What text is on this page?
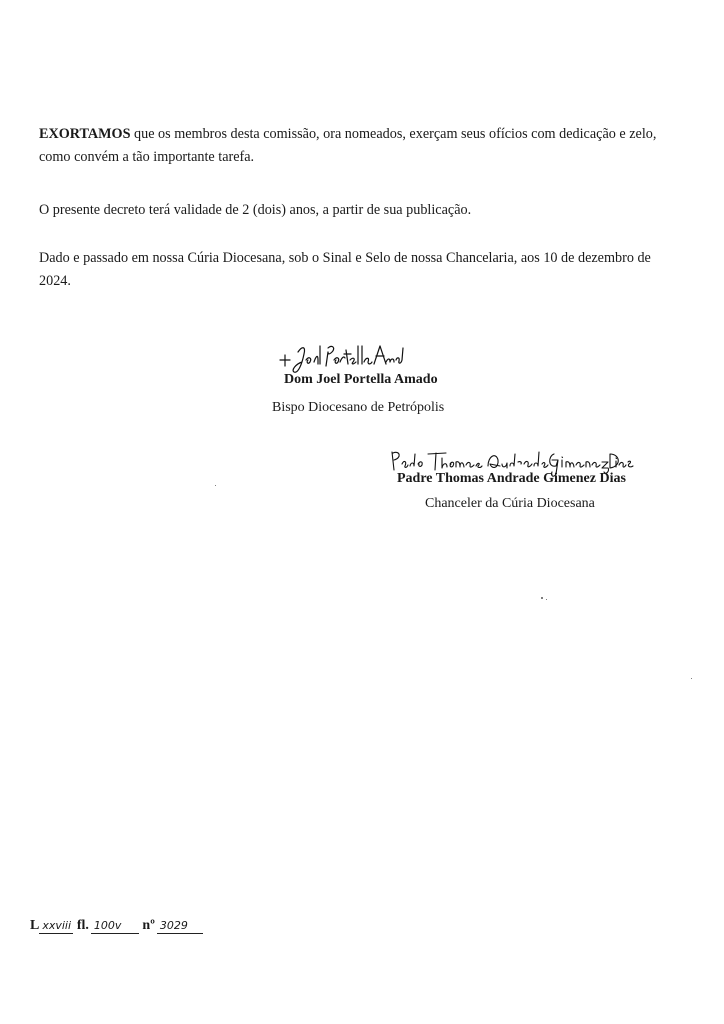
EXORTAMOS que os membros desta comissão, ora nomeados, exerçam seus ofícios com dedicação e zelo, como convém a tão importante tarefa.

O presente decreto terá validade de 2 (dois) anos, a partir de sua publicação.

Dado e passado em nossa Cúria Diocesana, sob o Sinal e Selo de nossa Chancelaria, aos 10 de dezembro de 2024.

Dom Joel Portella Amado
Bispo Diocesano de Petrópolis
Padre Thomas Andrade Gimenez Dias
Chanceler da Cúria Diocesana
L xxviii fl. 100v nº 3029
